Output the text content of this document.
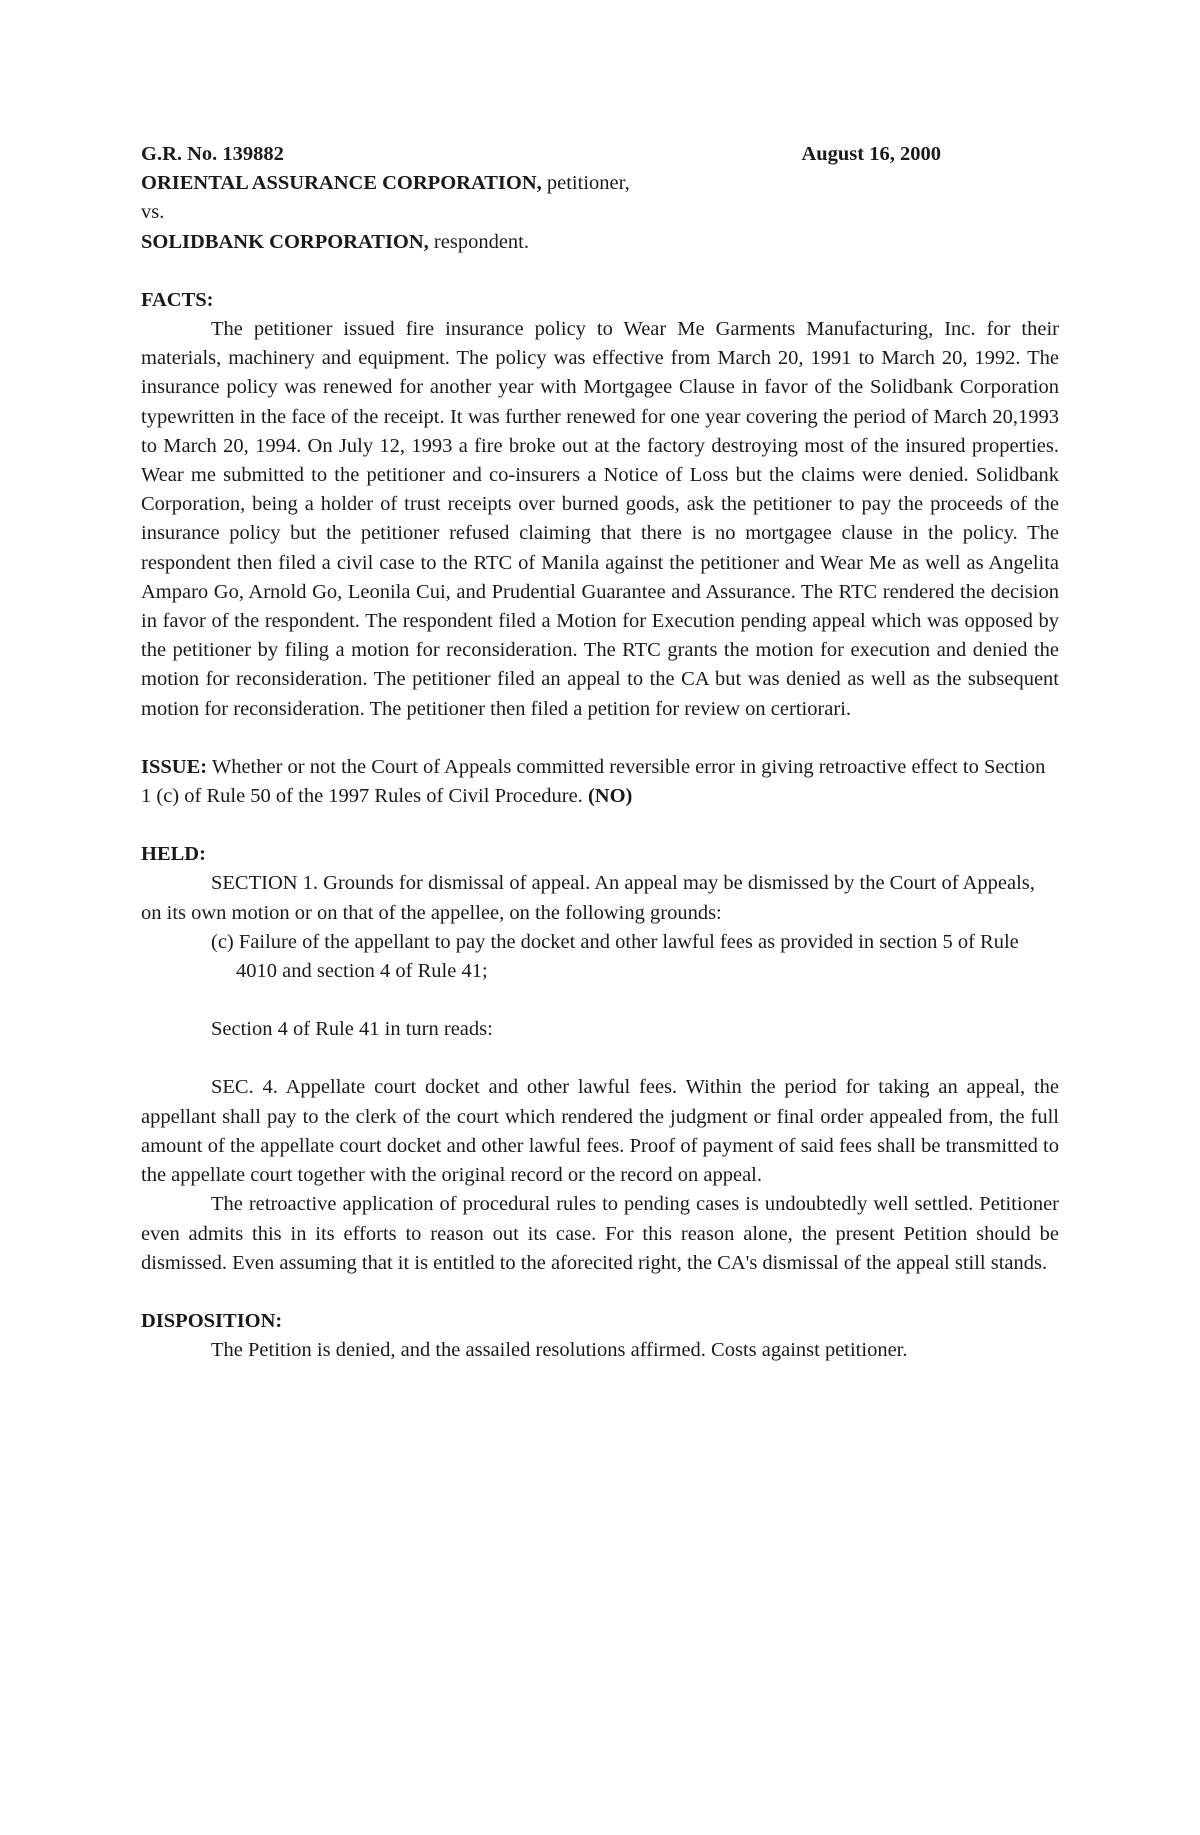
G.R. No. 139882	August 16, 2000
ORIENTAL ASSURANCE CORPORATION, petitioner,
vs.
SOLIDBANK CORPORATION, respondent.
FACTS:

The petitioner issued fire insurance policy to Wear Me Garments Manufacturing, Inc. for their materials, machinery and equipment. The policy was effective from March 20, 1991 to March 20, 1992. The insurance policy was renewed for another year with Mortgagee Clause in favor of the Solidbank Corporation typewritten in the face of the receipt. It was further renewed for one year covering the period of March 20,1993 to March 20, 1994. On July 12, 1993 a fire broke out at the factory destroying most of the insured properties. Wear me submitted to the petitioner and co-insurers a Notice of Loss but the claims were denied. Solidbank Corporation, being a holder of trust receipts over burned goods, ask the petitioner to pay the proceeds of the insurance policy but the petitioner refused claiming that there is no mortgagee clause in the policy. The respondent then filed a civil case to the RTC of Manila against the petitioner and Wear Me as well as Angelita Amparo Go, Arnold Go, Leonila Cui, and Prudential Guarantee and Assurance. The RTC rendered the decision in favor of the respondent. The respondent filed a Motion for Execution pending appeal which was opposed by the petitioner by filing a motion for reconsideration. The RTC grants the motion for execution and denied the motion for reconsideration. The petitioner filed an appeal to the CA but was denied as well as the subsequent motion for reconsideration. The petitioner then filed a petition for review on certiorari.

ISSUE: Whether or not the Court of Appeals committed reversible error in giving retroactive effect to Section 1 (c) of Rule 50 of the 1997 Rules of Civil Procedure. (NO)

HELD:

SECTION 1. Grounds for dismissal of appeal. An appeal may be dismissed by the Court of Appeals, on its own motion or on that of the appellee, on the following grounds:

(c) Failure of the appellant to pay the docket and other lawful fees as provided in section 5 of Rule 4010 and section 4 of Rule 41;

Section 4 of Rule 41 in turn reads:

SEC. 4. Appellate court docket and other lawful fees. Within the period for taking an appeal, the appellant shall pay to the clerk of the court which rendered the judgment or final order appealed from, the full amount of the appellate court docket and other lawful fees. Proof of payment of said fees shall be transmitted to the appellate court together with the original record or the record on appeal.

The retroactive application of procedural rules to pending cases is undoubtedly well settled. Petitioner even admits this in its efforts to reason out its case. For this reason alone, the present Petition should be dismissed. Even assuming that it is entitled to the aforecited right, the CA's dismissal of the appeal still stands.

DISPOSITION:
The Petition is denied, and the assailed resolutions affirmed. Costs against petitioner.
